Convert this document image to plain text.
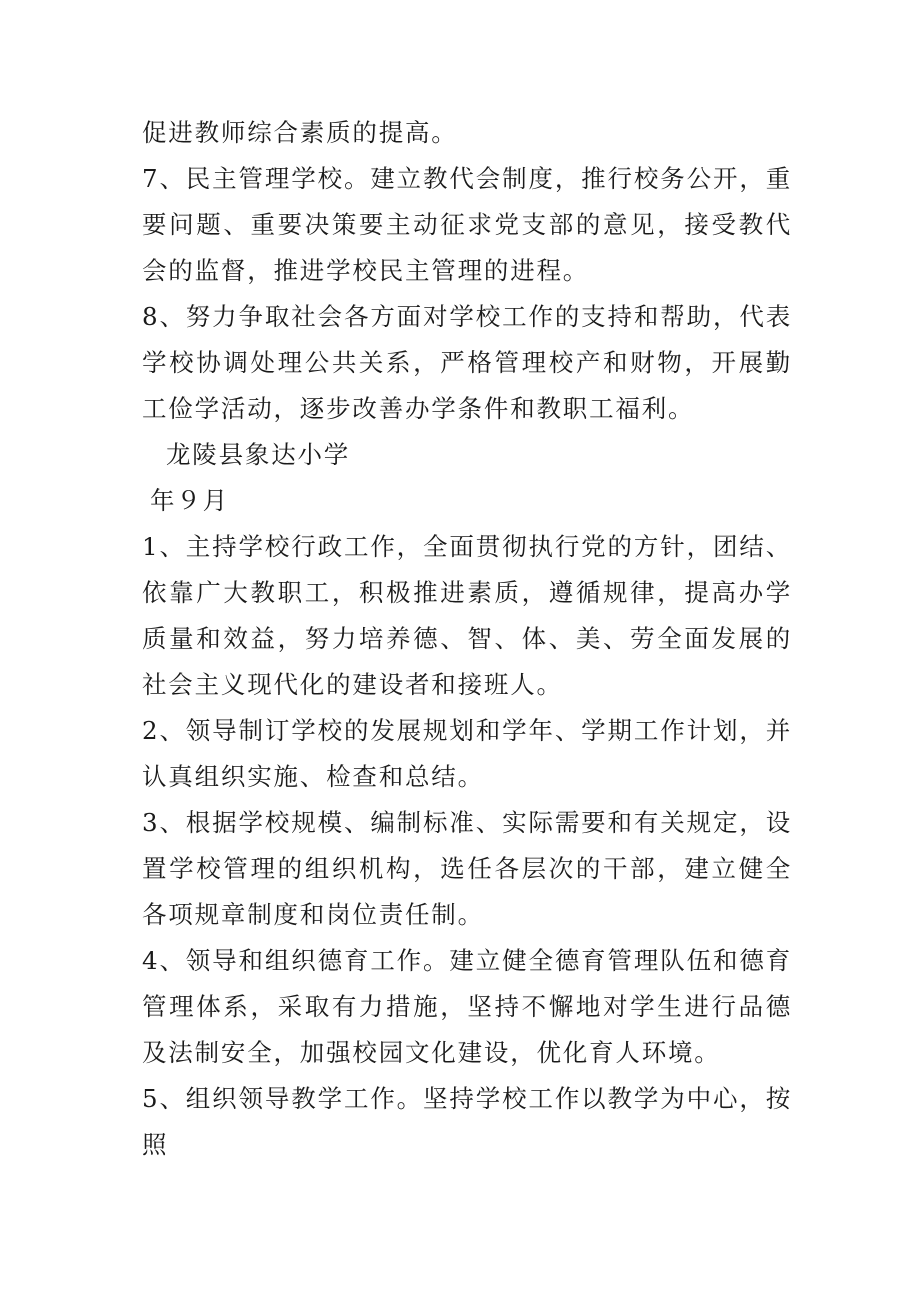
促进教师综合素质的提高。

7、民主管理学校。建立教代会制度，推行校务公开，重要问题、重要决策要主动征求党支部的意见，接受教代会的监督，推进学校民主管理的进程。

8、努力争取社会各方面对学校工作的支持和帮助，代表学校协调处理公共关系，严格管理校产和财物，开展勤工俭学活动，逐步改善办学条件和教职工福利。

龙陵县象达小学

年９月

1、主持学校行政工作，全面贯彻执行党的方针，团结、依靠广大教职工，积极推进素质，遵循规律，提高办学质量和效益，努力培养德、智、体、美、劳全面发展的社会主义现代化的建设者和接班人。

2、领导制订学校的发展规划和学年、学期工作计划，并认真组织实施、检查和总结。

3、根据学校规模、编制标准、实际需要和有关规定，设置学校管理的组织机构，选任各层次的干部，建立健全各项规章制度和岗位责任制。

4、领导和组织德育工作。建立健全德育管理队伍和德育管理体系，采取有力措施，坚持不懈地对学生进行品德及法制安全，加强校园文化建设，优化育人环境。

5、组织领导教学工作。坚持学校工作以教学为中心，按照
